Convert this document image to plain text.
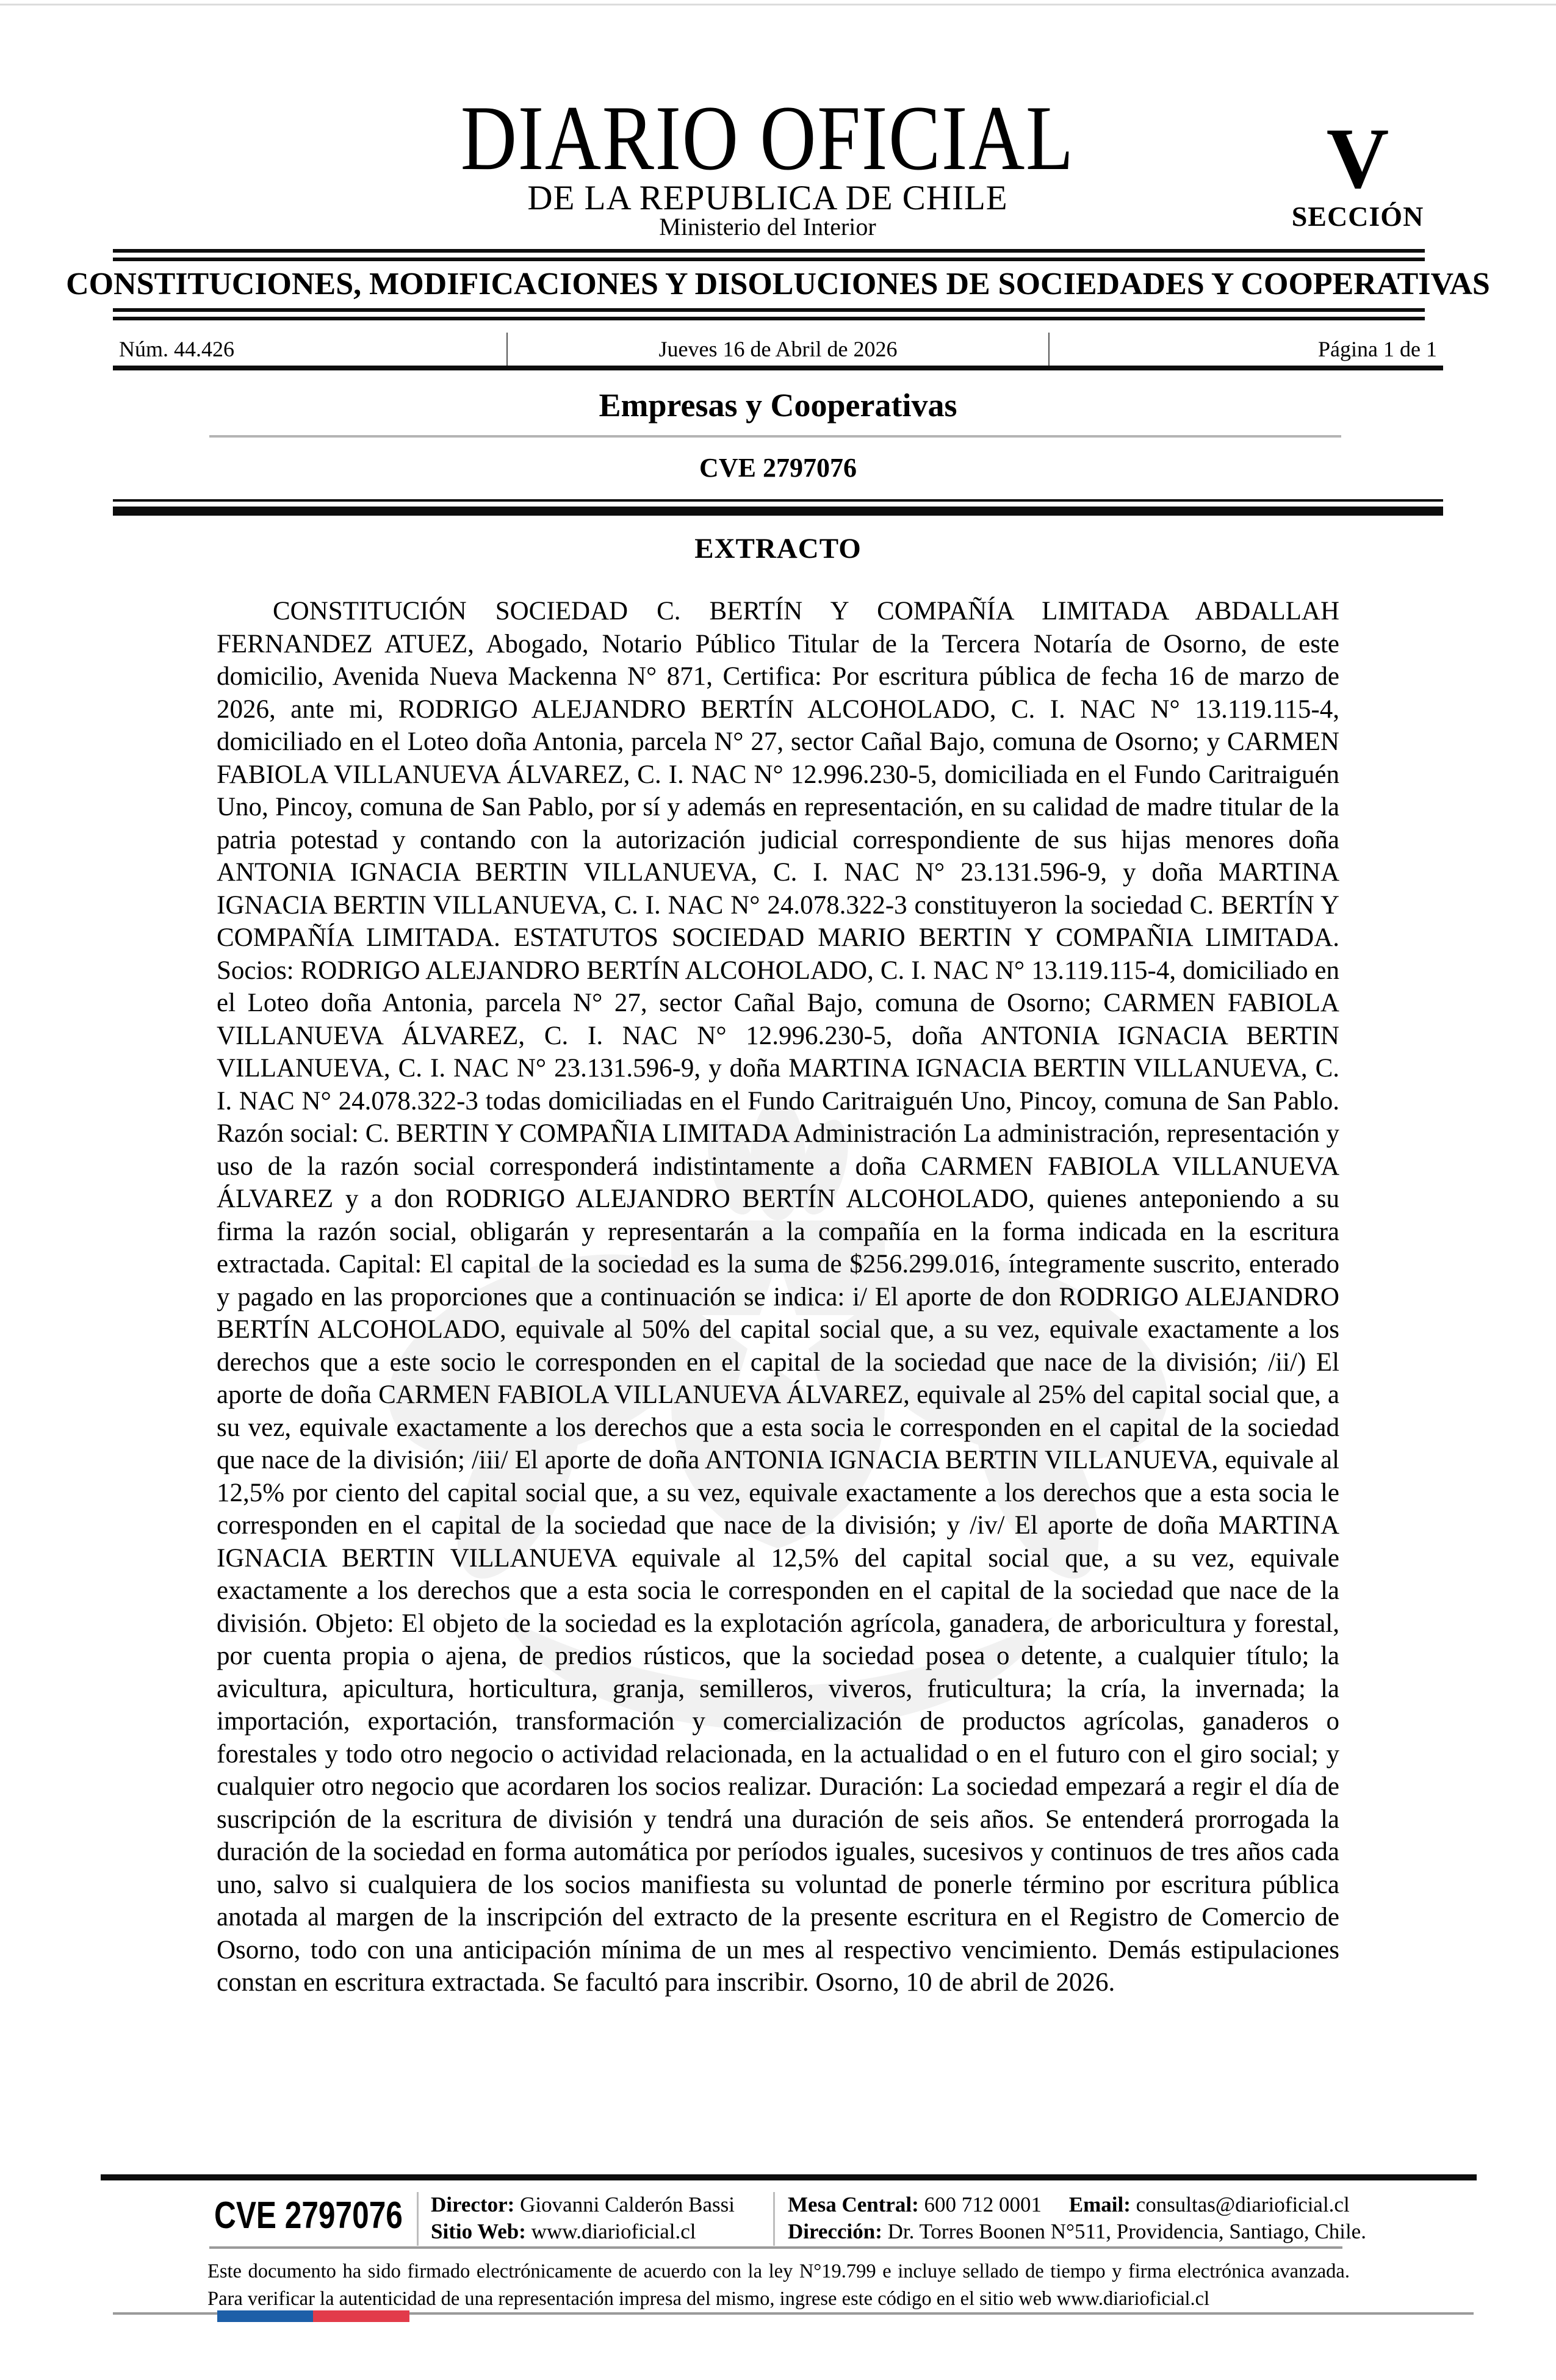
DIARIO OFICIAL
DE LA REPUBLICA DE CHILE
Ministerio del Interior
V
SECCIÓN
CONSTITUCIONES, MODIFICACIONES Y DISOLUCIONES DE SOCIEDADES Y COOPERATIVAS
Núm. 44.426	Jueves 16 de Abril de 2026	Página 1 de 1
Empresas y Cooperativas
CVE 2797076
EXTRACTO
CONSTITUCIÓN SOCIEDAD C. BERTÍN Y COMPAÑÍA LIMITADA ABDALLAH FERNANDEZ ATUEZ, Abogado, Notario Público Titular de la Tercera Notaría de Osorno, de este domicilio, Avenida Nueva Mackenna N° 871, Certifica: Por escritura pública de fecha 16 de marzo de 2026, ante mi, RODRIGO ALEJANDRO BERTÍN ALCOHOLADO, C. I. NAC N° 13.119.115-4, domiciliado en el Loteo doña Antonia, parcela N° 27, sector Cañal Bajo, comuna de Osorno; y CARMEN FABIOLA VILLANUEVA ÁLVAREZ, C. I. NAC N° 12.996.230-5, domiciliada en el Fundo Caritraiguén Uno, Pincoy, comuna de San Pablo, por sí y además en representación, en su calidad de madre titular de la patria potestad y contando con la autorización judicial correspondiente de sus hijas menores doña ANTONIA IGNACIA BERTIN VILLANUEVA, C. I. NAC N° 23.131.596-9, y doña MARTINA IGNACIA BERTIN VILLANUEVA, C. I. NAC N° 24.078.322-3 constituyeron la sociedad C. BERTÍN Y COMPAÑÍA LIMITADA. ESTATUTOS SOCIEDAD MARIO BERTIN Y COMPAÑIA LIMITADA. Socios: RODRIGO ALEJANDRO BERTÍN ALCOHOLADO, C. I. NAC N° 13.119.115-4, domiciliado en el Loteo doña Antonia, parcela N° 27, sector Cañal Bajo, comuna de Osorno; CARMEN FABIOLA VILLANUEVA ÁLVAREZ, C. I. NAC N° 12.996.230-5, doña ANTONIA IGNACIA BERTIN VILLANUEVA, C. I. NAC N° 23.131.596-9, y doña MARTINA IGNACIA BERTIN VILLANUEVA, C. I. NAC N° 24.078.322-3 todas domiciliadas en el Fundo Caritraiguén Uno, Pincoy, comuna de San Pablo. Razón social: C. BERTIN Y COMPAÑIA LIMITADA Administración La administración, representación y uso de la razón social corresponderá indistintamente a doña CARMEN FABIOLA VILLANUEVA ÁLVAREZ y a don RODRIGO ALEJANDRO BERTÍN ALCOHOLADO, quienes anteponiendo a su firma la razón social, obligarán y representarán a la compañía en la forma indicada en la escritura extractada. Capital: El capital de la sociedad es la suma de $256.299.016, íntegramente suscrito, enterado y pagado en las proporciones que a continuación se indica: i/ El aporte de don RODRIGO ALEJANDRO BERTÍN ALCOHOLADO, equivale al 50% del capital social que, a su vez, equivale exactamente a los derechos que a este socio le corresponden en el capital de la sociedad que nace de la división; /ii/) El aporte de doña CARMEN FABIOLA VILLANUEVA ÁLVAREZ, equivale al 25% del capital social que, a su vez, equivale exactamente a los derechos que a esta socia le corresponden en el capital de la sociedad que nace de la división; /iii/ El aporte de doña ANTONIA IGNACIA BERTIN VILLANUEVA, equivale al 12,5% por ciento del capital social que, a su vez, equivale exactamente a los derechos que a esta socia le corresponden en el capital de la sociedad que nace de la división; y /iv/ El aporte de doña MARTINA IGNACIA BERTIN VILLANUEVA equivale al 12,5% del capital social que, a su vez, equivale exactamente a los derechos que a esta socia le corresponden en el capital de la sociedad que nace de la división. Objeto: El objeto de la sociedad es la explotación agrícola, ganadera, de arboricultura y forestal, por cuenta propia o ajena, de predios rústicos, que la sociedad posea o detente, a cualquier título; la avicultura, apicultura, horticultura, granja, semilleros, viveros, fruticultura; la cría, la invernada; la importación, exportación, transformación y comercialización de productos agrícolas, ganaderos o forestales y todo otro negocio o actividad relacionada, en la actualidad o en el futuro con el giro social; y cualquier otro negocio que acordaren los socios realizar. Duración: La sociedad empezará a regir el día de suscripción de la escritura de división y tendrá una duración de seis años. Se entenderá prorrogada la duración de la sociedad en forma automática por períodos iguales, sucesivos y continuos de tres años cada uno, salvo si cualquiera de los socios manifiesta su voluntad de ponerle término por escritura pública anotada al margen de la inscripción del extracto de la presente escritura en el Registro de Comercio de Osorno, todo con una anticipación mínima de un mes al respectivo vencimiento. Demás estipulaciones constan en escritura extractada. Se facultó para inscribir. Osorno, 10 de abril de 2026.
CVE 2797076 Director: Giovanni Calderón Bassi
Sitio Web: www.diarioficial.cl
Mesa Central: 600 712 0001 Email: consultas@diarioficial.cl
Dirección: Dr. Torres Boonen N°511, Providencia, Santiago, Chile.
Este documento ha sido firmado electrónicamente de acuerdo con la ley N°19.799 e incluye sellado de tiempo y firma electrónica avanzada. Para verificar la autenticidad de una representación impresa del mismo, ingrese este código en el sitio web www.diarioficial.cl
